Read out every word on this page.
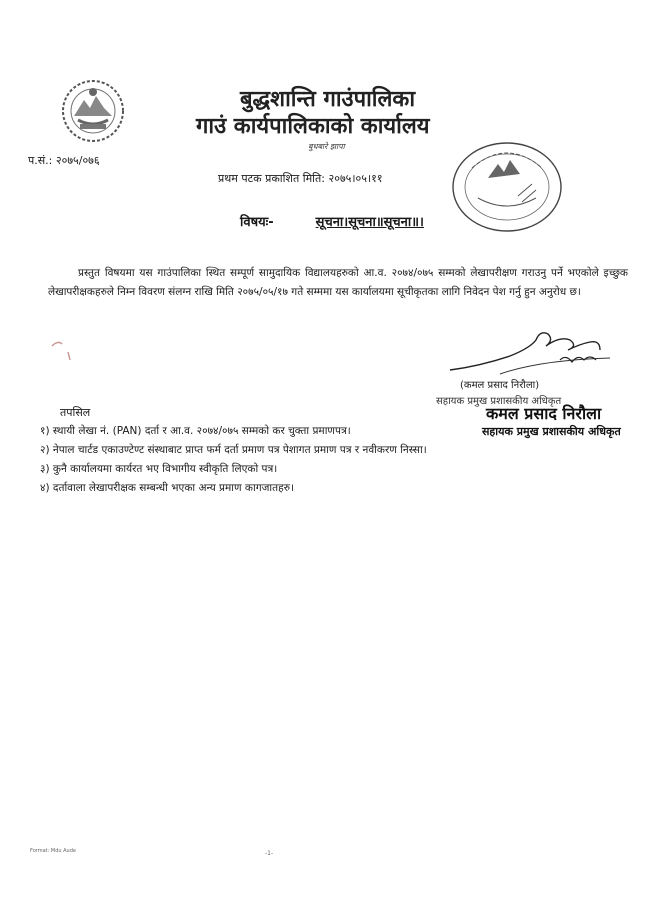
बुद्धशान्ति गाउंपालिका
गाउं कार्यपालिकाको कार्यालय
बुधबारे झापा
प.सं.: २०७५/०७६
प्रथम पटक प्रकाशित मिति: २०७५।०५।११
विषयः-	सूचना।सूचना॥सूचना॥।
प्रस्तुत विषयमा यस गाउंपालिका स्थित सम्पूर्ण सामुदायिक विद्यालयहरुको आ.व. २०७४/०७५ सम्मको लेखापरीक्षण गराउनु पर्ने भएकोले इच्छुक लेखापरीक्षकहरुले निम्न विवरण संलग्न राखि मिति २०७५/०५/१७ गते सम्ममा यस कार्यालयमा सूचीकृतका लागि निवेदन पेश गर्नु हुन अनुरोध छ।
(कमल प्रसाद निरौला)
सहायक प्रमुख प्रशासकीय अधिकृत
कमल प्रसाद निरौला
सहायक प्रमुख प्रशासकीय अधिकृत
तपसिल
१) स्थायी लेखा नं. (PAN) दर्ता र आ.व. २०७४/०७५ सम्मको कर चुक्ता प्रमाणपत्र।
२) नेपाल चार्टड एकाउण्टेण्ट संस्थाबाट प्राप्त फर्म दर्ता प्रमाण पत्र पेशागत प्रमाण पत्र र नवीकरण निस्सा।
३) कुनै कार्यालयमा कार्यरत भए विभागीय स्वीकृति लिएको पत्र।
४) दर्तावाला लेखापरीक्षक सम्बन्धी भएका अन्य प्रमाण कागजातहरु।
Format: Mdu Aude	-1-
